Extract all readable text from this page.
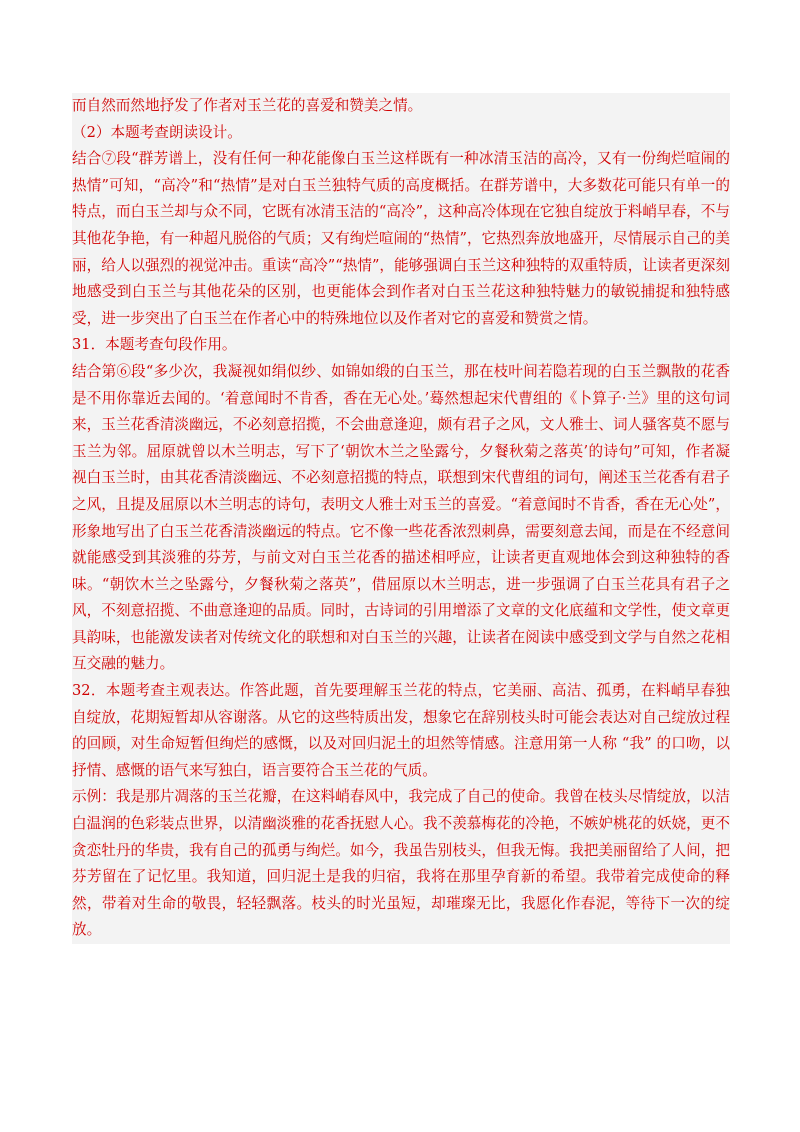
而自然而然地抒发了作者对玉兰花的喜爱和赞美之情。

（2）本题考查朗读设计。

结合⑦段“群芳谱上，没有任何一种花能像白玉兰这样既有一种冰清玉洁的高冷，又有一份绚烂喧闹的热情”可知，“高冷”和“热情”是对白玉兰独特气质的高度概括。在群芳谱中，大多数花可能只有单一的特点，而白玉兰却与众不同，它既有冰清玉洁的“高冷”，这种高冷体现在它独自绽放于料峭早春，不与其他花争艳，有一种超凡脱俗的气质；又有绚烂喧闹的“热情”，它热烈奔放地盛开，尽情展示自己的美丽，给人以强烈的视觉冲击。重读“高冷”“热情”，能够强调白玉兰这种独特的双重特质，让读者更深刻地感受到白玉兰与其他花朵的区别，也更能体会到作者对白玉兰花这种独特魅力的敏锐捕捉和独特感受，进一步突出了白玉兰在作者心中的特殊地位以及作者对它的喜爱和赞赏之情。

31．本题考查句段作用。

结合第⑥段“多少次，我凝视如绢似纱、如锦如缎的白玉兰，那在枝叶间若隐若现的白玉兰飘散的花香是不用你靠近去闻的。‘着意闻时不肯香，香在无心处。’蓦然想起宋代曹组的《卜算子·兰》里的这句词来，玉兰花香清淡幽远，不必刻意招揽，不会曲意逢迎，颇有君子之风，文人雅士、词人骚客莫不愿与玉兰为邻。屈原就曾以木兰明志，写下了‘朝饮木兰之坠露兮，夕餐秋菊之落英’的诗句”可知，作者凝视白玉兰时，由其花香清淡幽远、不必刻意招揽的特点，联想到宋代曹组的词句，阐述玉兰花香有君子之风，且提及屈原以木兰明志的诗句，表明文人雅士对玉兰的喜爱。“着意闻时不肯香，香在无心处”，形象地写出了白玉兰花香清淡幽远的特点。它不像一些花香浓烈刺鼻，需要刻意去闻，而是在不经意间就能感受到其淡雅的芬芳，与前文对白玉兰花香的描述相呼应，让读者更直观地体会到这种独特的香味。“朝饮木兰之坠露兮，夕餐秋菊之落英”，借屈原以木兰明志，进一步强调了白玉兰花具有君子之风，不刻意招揽、不曲意逢迎的品质。同时，古诗词的引用增添了文章的文化底蕴和文学性，使文章更具韵味，也能激发读者对传统文化的联想和对白玉兰的兴趣，让读者在阅读中感受到文学与自然之花相互交融的魅力。

32．本题考查主观表达。作答此题，首先要理解玉兰花的特点，它美丽、高洁、孤勇，在料峭早春独自绽放，花期短暂却从容谢落。从它的这些特质出发，想象它在辞别枝头时可能会表达对自己绽放过程的回顾，对生命短暂但绚烂的感慨，以及对回归泥土的坦然等情感。注意用第一人称 “我” 的口吻，以抒情、感慨的语气来写独白，语言要符合玉兰花的气质。

示例：我是那片凋落的玉兰花瓣，在这料峭春风中，我完成了自己的使命。我曾在枝头尽情绽放，以洁白温润的色彩装点世界，以清幽淡雅的花香抚慰人心。我不羡慕梅花的冷艳，不嫉妒桃花的妖娆，更不贪恋牡丹的华贵，我有自己的孤勇与绚烂。如今，我虽告别枝头，但我无悔。我把美丽留给了人间，把芬芳留在了记忆里。我知道，回归泥土是我的归宿，我将在那里孕育新的希望。我带着完成使命的释然，带着对生命的敬畏，轻轻飘落。枝头的时光虽短，却璀璨无比，我愿化作春泥，等待下一次的绽放。
